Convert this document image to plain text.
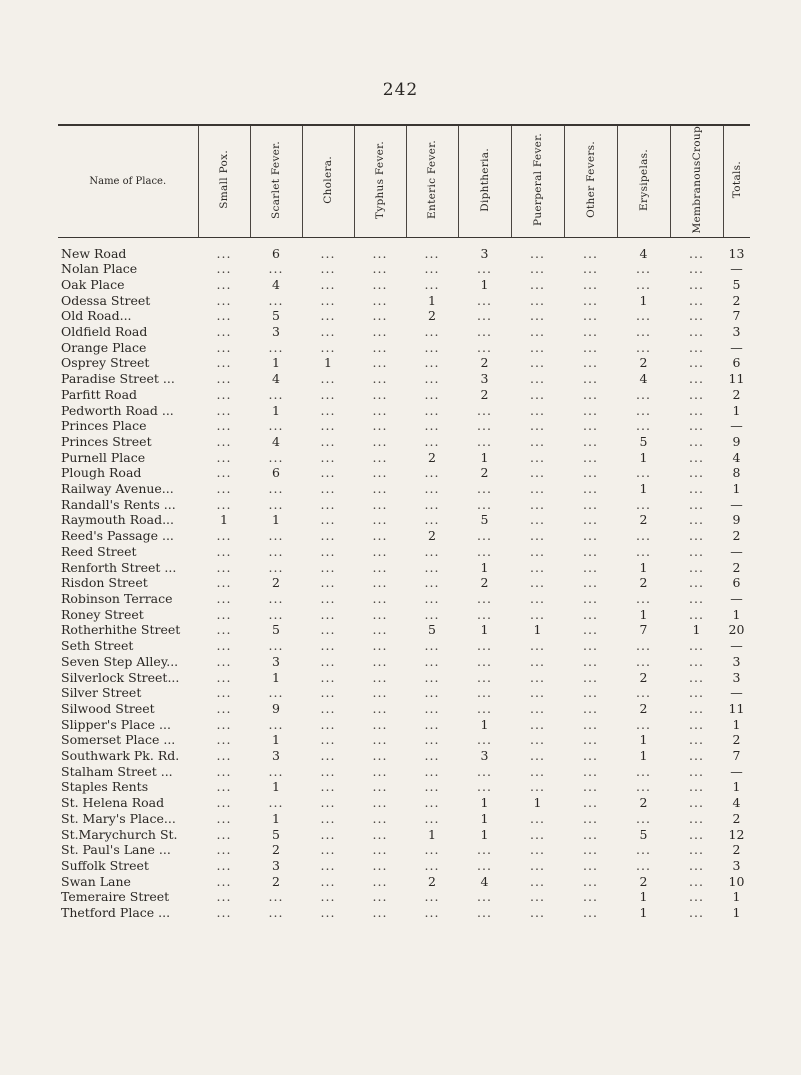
242
Name of Place.	Small Pox.	Scarlet Fever.	Cholera.	Typhus Fever.	Enteric Fever.	Diphtheria.	Puerperal Fever.	Other Fevers.	Erysipelas.	MembranousCroup	Totals.
New Road	...	6	...	...	...	3	...	...	4	...	13
Nolan Place	...	...	...	...	...	...	...	...	...	...	—
Oak Place	...	4	...	...	...	1	...	...	...	...	5
Odessa Street	...	...	...	...	1	...	...	...	1	...	2
Old Road...	...	5	...	...	2	...	...	...	...	...	7
Oldfield Road	...	3	...	...	...	...	...	...	...	...	3
Orange Place	...	...	...	...	...	...	...	...	...	...	—
Osprey Street	...	1	1	...	...	2	...	...	2	...	6
Paradise Street ...	...	4	...	...	...	3	...	...	4	...	11
Parfitt Road	...	...	...	...	...	2	...	...	...	...	2
Pedworth Road ...	...	1	...	...	...	...	...	...	...	...	1
Princes Place	...	...	...	...	...	...	...	...	...	...	—
Princes Street	...	4	...	...	...	...	...	...	5	...	9
Purnell Place	...	...	...	...	2	1	...	...	1	...	4
Plough Road	...	6	...	...	...	2	...	...	...	...	8
Railway Avenue...	...	...	...	...	...	...	...	...	1	...	1
Randall's Rents ...	...	...	...	...	...	...	...	...	...	...	—
Raymouth Road...	1	1	...	...	...	5	...	...	2	...	9
Reed's Passage ...	...	...	...	...	2	...	...	...	...	...	2
Reed Street	...	...	...	...	...	...	...	...	...	...	—
Renforth Street ...	...	...	...	...	...	1	...	...	1	...	2
Risdon Street	...	2	...	...	...	2	...	...	2	...	6
Robinson Terrace	...	...	...	...	...	...	...	...	...	...	—
Roney Street	...	...	...	...	...	...	...	...	1	...	1
Rotherhithe Street	...	5	...	...	5	1	1	...	7	1	20
Seth Street	...	...	...	...	...	...	...	...	...	...	—
Seven Step Alley...	...	3	...	...	...	...	...	...	...	...	3
Silverlock Street...	...	1	...	...	...	...	...	...	2	...	3
Silver Street	...	...	...	...	...	...	...	...	...	...	—
Silwood Street	...	9	...	...	...	...	...	...	2	...	11
Slipper's Place ...	...	...	...	...	...	1	...	...	...	...	1
Somerset Place ...	...	1	...	...	...	...	...	...	1	...	2
Southwark Pk. Rd.	...	3	...	...	...	3	...	...	1	...	7
Stalham Street ...	...	...	...	...	...	...	...	...	...	...	—
Staples Rents	...	1	...	...	...	...	...	...	...	...	1
St. Helena Road	...	...	...	...	...	1	1	...	2	...	4
St. Mary's Place...	...	1	...	...	...	1	...	...	...	...	2
St.Marychurch St.	...	5	...	...	1	1	...	...	5	...	12
St. Paul's Lane ...	...	2	...	...	...	...	...	...	...	...	2
Suffolk Street	...	3	...	...	...	...	...	...	...	...	3
Swan Lane	...	2	...	...	2	4	...	...	2	...	10
Temeraire Street	...	...	...	...	...	...	...	...	1	...	1
Thetford Place ...	...	...	...	...	...	...	...	...	1	...	1
